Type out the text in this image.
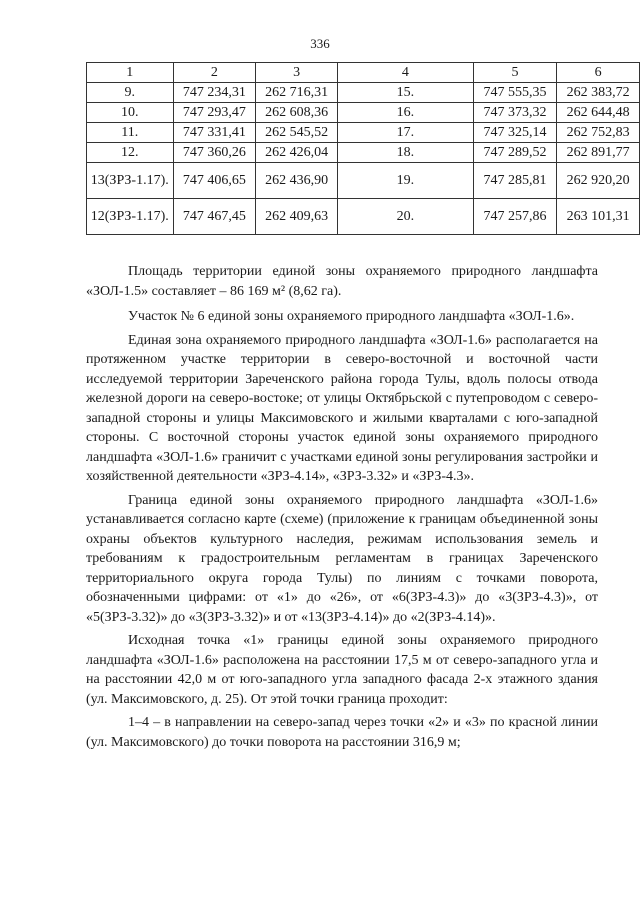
336
1	2	3	4	5	6
9.	747 234,31	262 716,31	15.	747 555,35	262 383,72
10.	747 293,47	262 608,36	16.	747 373,32	262 644,48
11.	747 331,41	262 545,52	17.	747 325,14	262 752,83
12.	747 360,26	262 426,04	18.	747 289,52	262 891,77
13(ЗРЗ-1.17).	747 406,65	262 436,90	19.	747 285,81	262 920,20
12(ЗРЗ-1.17).	747 467,45	262 409,63	20.	747 257,86	263 101,31

Площадь территории единой зоны охраняемого природного ландшафта «ЗОЛ-1.5» составляет – 86 169 м² (8,62 га).

Участок № 6 единой зоны охраняемого природного ландшафта «ЗОЛ-1.6».

Единая зона охраняемого природного ландшафта «ЗОЛ-1.6» располагается на протяженном участке территории в северо-восточной и восточной части исследуемой территории Зареченского района города Тулы, вдоль полосы отвода железной дороги на северо-востоке; от улицы Октябрьской с путепроводом с северо-западной стороны и улицы Максимовского и жилыми кварталами с юго-западной стороны. С восточной стороны участок единой зоны охраняемого природного ландшафта «ЗОЛ-1.6» граничит с участками единой зоны регулирования застройки и хозяйственной деятельности «ЗРЗ-4.14», «ЗРЗ-3.32» и «ЗРЗ-4.3».

Граница единой зоны охраняемого природного ландшафта «ЗОЛ-1.6» устанавливается согласно карте (схеме) (приложение к границам объединенной зоны охраны объектов культурного наследия, режимам использования земель и требованиям к градостроительным регламентам в границах Зареченского территориального округа города Тулы) по линиям с точками поворота, обозначенными цифрами: от «1» до «26», от «6(ЗРЗ-4.3)» до «3(ЗРЗ-4.3)», от «5(ЗРЗ-3.32)» до «3(ЗРЗ-3.32)» и от «13(ЗРЗ-4.14)» до «2(ЗРЗ-4.14)».

Исходная точка «1» границы единой зоны охраняемого природного ландшафта «ЗОЛ-1.6» расположена на расстоянии 17,5 м от северо-западного угла и на расстоянии 42,0 м от юго-западного угла западного фасада 2-х этажного здания (ул. Максимовского, д. 25). От этой точки граница проходит:

1–4 – в направлении на северо-запад через точки «2» и «3» по красной линии (ул. Максимовского) до точки поворота на расстоянии 316,9 м;
